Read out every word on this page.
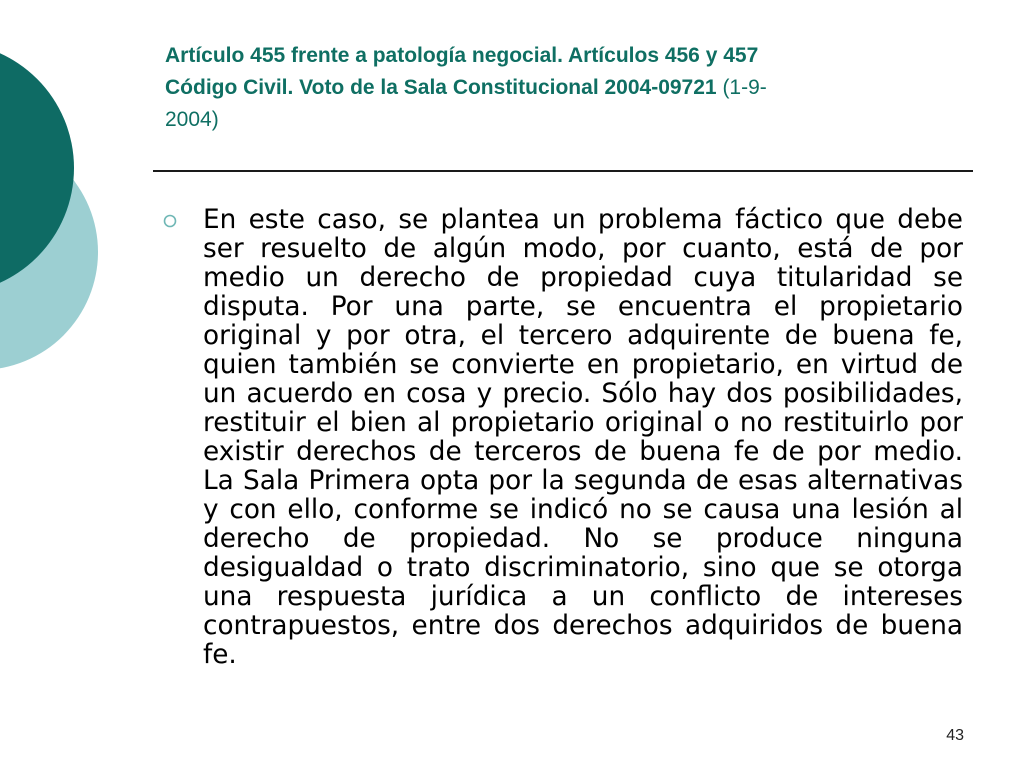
Artículo 455 frente a patología negocial. Artículos 456 y 457
Código Civil. Voto de la Sala Constitucional 2004-09721 (1-9-
2004)
En este caso, se plantea un problema fáctico que debe ser resuelto de algún modo, por cuanto, está de por medio un derecho de propiedad cuya titularidad se disputa. Por una parte, se encuentra el propietario original y por otra, el tercero adquirente de buena fe, quien también se convierte en propietario, en virtud de un acuerdo en cosa y precio. Sólo hay dos posibilidades, restituir el bien al propietario original o no restituirlo por existir derechos de terceros de buena fe de por medio. La Sala Primera opta por la segunda de esas alternativas y con ello, conforme se indicó no se causa una lesión al derecho de propiedad. No se produce ninguna desigualdad o trato discriminatorio, sino que se otorga una respuesta jurídica a un conflicto de intereses contrapuestos, entre dos derechos adquiridos de buena fe.
43
